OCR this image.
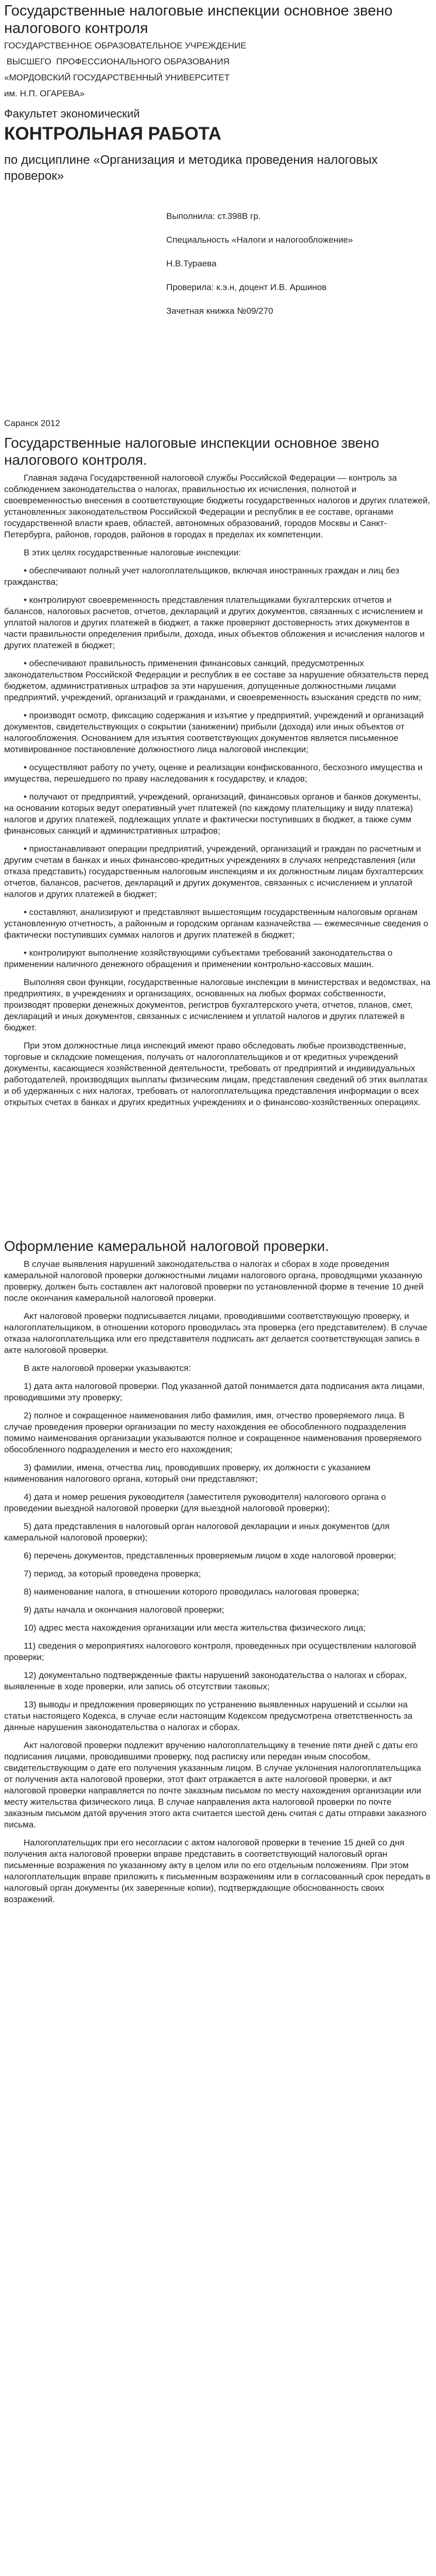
Государственные налоговые инспекции основное звено налогового контроля

ГОСУДАРСТВЕННОЕ ОБРАЗОВАТЕЛЬНОЕ УЧРЕЖДЕНИЕ

ВЫСШЕГО  ПРОФЕССИОНАЛЬНОГО ОБРАЗОВАНИЯ

«МОРДОВСКИЙ ГОСУДАРСТВЕННЫЙ УНИВЕРСИТЕТ

им. Н.П. ОГАРЕВА»

Факультет экономический
КОНТРОЛЬНАЯ РАБОТА
по дисциплине «Организация и методика проведения налоговых проверок»

Выполнила: ст.398В гр.

Специальность «Налоги и налогообложение»

Н.В.Тураева

Проверила: к.э.н, доцент И.В. Аршинов

Зачетная книжка №09/270

Саранск 2012
Государственные налоговые инспекции основное звено налогового контроля.

Главная задача Государственной налоговой службы Российской Федерации — контроль за соблюдением законодательства о налогах, правильностью их исчисления, полнотой и своевременностью внесения в соответствующие бюджеты государственных налогов и других платежей, установленных законодательством Российской Федерации и республик в ее составе, органами государственной власти краев, областей, автономных образований, городов Москвы и Санкт-Петербурга, районов, городов, районов в городах в пределах их компетенции.

В этих целях государственные налоговые инспекции:

• обеспечивают полный учет налогоплательщиков, включая иностранных граждан и лиц без гражданства;

• контролируют своевременность представления плательщиками бухгалтерских отчетов и балансов, налоговых расчетов, отчетов, деклараций и других документов, связанных с исчислением и уплатой налогов и других платежей в бюджет, а также проверяют достоверность этих документов в части правильности определения прибыли, дохода, иных объектов обложения и исчисления налогов и других платежей в бюджет;

• обеспечивают правильность применения финансовых санкций, предусмотренных законодательством Российской Федерации и республик в ее составе за нарушение обязательств перед бюджетом, административных штрафов за эти нарушения, допущенные должностными лицами предприятий, учреждений, организаций и гражданами, и своевременность взыскания средств по ним;

• производят осмотр, фиксацию содержания и изъятие у предприятий, учреждений и организаций документов, свидетельствующих о сокрытии (занижении) прибыли (дохода) или иных объектов от налогообложения. Основанием для изъятия соответствующих документов является письменное мотивированное постановление должностного лица налоговой инспекции;

• осуществляют работу по учету, оценке и реализации конфискованного, бесхозного имущества и имущества, перешедшего по праву наследования к государству, и кладов;

• получают от предприятий, учреждений, организаций, финансовых органов и банков документы, на основании которых ведут оперативный учет платежей (по каждому плательщику и виду платежа) налогов и других платежей, подлежащих уплате и фактически поступивших в бюджет, а также сумм финансовых санкций и административных штрафов;

• приостанавливают операции предприятий, учреждений, организаций и граждан по расчетным и другим счетам в банках и иных финансово-кредитных учреждениях в случаях непредставления (или отказа представить) государственным налоговым инспекциям и их должностным лицам бухгалтерских отчетов, балансов, расчетов, деклараций и других документов, связанных с исчислением и уплатой налогов и других платежей в бюджет;

• составляют, анализируют и представляют вышестоящим государственным налоговым органам установленную отчетность, а районным и городским органам казначейства — ежемесячные сведения о фактически поступивших суммах налогов и других платежей в бюджет;

• контролируют выполнение хозяйствующими субъектами требований законодательства о применении наличного денежного обращения и применении контрольно-кассовых машин.

Выполняя свои функции, государственные налоговые инспекции в министерствах и ведомствах, на предприятиях, в учреждениях и организациях, основанных на любых формах собственности, производят проверки денежных документов, регистров бухгалтерского учета, отчетов, планов, смет, деклараций и иных документов, связанных с исчислением и уплатой налогов и других платежей в бюджет.

При этом должностные лица инспекций имеют право обследовать любые производственные, торговые и складские помещения, получать от налогоплательщиков и от кредитных учреждений документы, касающиеся хозяйственной деятельности, требовать от предприятий и индивидуальных работодателей, производящих выплаты физическим лицам, представления сведений об этих выплатах и об удержанных с них налогах, требовать от налогоплательщика представления информации о всех открытых счетах в банках и других кредитных учреждениях и о финансово-хозяйственных операциях.

Оформление камеральной налоговой проверки.

В случае выявления нарушений законодательства о налогах и сборах в ходе проведения камеральной налоговой проверки должностными лицами налогового органа, проводящими указанную проверку, должен быть составлен акт налоговой проверки по установленной форме в течение 10 дней после окончания камеральной налоговой проверки.

Акт налоговой проверки подписывается лицами, проводившими соответствующую проверку, и налогоплательщиком, в отношении которого проводилась эта проверка (его представителем). В случае отказа налогоплательщика или его представителя подписать акт делается соответствующая запись в акте налоговой проверки.

В акте налоговой проверки указываются:

1) дата акта налоговой проверки. Под указанной датой понимается дата подписания акта лицами, проводившими эту проверку;

2) полное и сокращенное наименования либо фамилия, имя, отчество проверяемого лица. В случае проведения проверки организации по месту нахождения ее обособленного подразделения помимо наименования организации указываются полное и сокращенное наименования проверяемого обособленного подразделения и место его нахождения;

3) фамилии, имена, отчества лиц, проводивших проверку, их должности с указанием наименования налогового органа, который они представляют;

4) дата и номер решения руководителя (заместителя руководителя) налогового органа о проведении выездной налоговой проверки (для выездной налоговой проверки);

5) дата представления в налоговый орган налоговой декларации и иных документов (для камеральной налоговой проверки);

6) перечень документов, представленных проверяемым лицом в ходе налоговой проверки;

7) период, за который проведена проверка;

8) наименование налога, в отношении которого проводилась налоговая проверка;

9) даты начала и окончания налоговой проверки;

10) адрес места нахождения организации или места жительства физического лица;

11) сведения о мероприятиях налогового контроля, проведенных при осуществлении налоговой проверки;

12) документально подтвержденные факты нарушений законодательства о налогах и сборах, выявленные в ходе проверки, или запись об отсутствии таковых;

13) выводы и предложения проверяющих по устранению выявленных нарушений и ссылки на статьи настоящего Кодекса, в случае если настоящим Кодексом предусмотрена ответственность за данные нарушения законодательства о налогах и сборах.

Акт налоговой проверки подлежит вручению налогоплательщику в течение пяти дней с даты его подписания лицами, проводившими проверку, под расписку или передан иным способом, свидетельствующим о дате его получения указанным лицом. В случае уклонения налогоплательщика от получения акта налоговой проверки, этот факт отражается в акте налоговой проверки, и акт налоговой проверки направляется по почте заказным письмом по месту нахождения организации или месту жительства физического лица. В случае направления акта налоговой проверки по почте заказным письмом датой вручения этого акта считается шестой день считая с даты отправки заказного письма.

Налогоплательщик при его несогласии с актом налоговой проверки в течение 15 дней со дня получения акта налоговой проверки вправе представить в соответствующий налоговый орган письменные возражения по указанному акту в целом или по его отдельным положениям. При этом налогоплательщик вправе приложить к письменным возражениям или в согласованный срок передать в налоговый орган документы (их заверенные копии), подтверждающие обоснованность своих возражений.
